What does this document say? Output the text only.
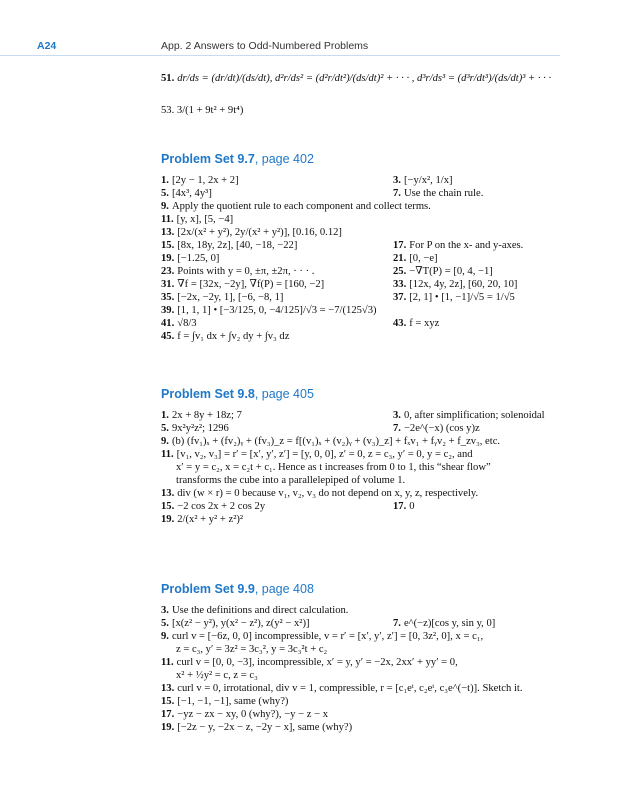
A24	App. 2 Answers to Odd-Numbered Problems
51. dr/ds = (dr/dt)/(ds/dt), d²r/ds² = (d²r/dt²)/(ds/dt)² + · · · , d³r/ds³ = (d³r/dt³)/(ds/dt)³ + · · ·
53. 3/(1 + 9t² + 9t⁴)
Problem Set 9.7, page 402
1. [2y − 1, 2x + 2]	3. [−y/x², 1/x]
5. [4x³, 4y³]	7. Use the chain rule.
9. Apply the quotient rule to each component and collect terms.
11. [y, x], [5, −4]
13. [2x/(x² + y²), 2y/(x² + y²)], [0.16, 0.12]
15. [8x, 18y, 2z], [40, −18, −22]	17. For P on the x- and y-axes.
19. [−1.25, 0]	21. [0, −e]
23. Points with y = 0, ±π, ±2π, · · · .	25. −∇T(P) = [0, 4, −1]
31. ∇f = [32x, −2y], ∇f(P) = [160, −2]	33. [12x, 4y, 2z], [60, 20, 10]
35. [−2x, −2y, 1], [−6, −8, 1]	37. [2, 1] • [1, −1]/√5 = 1/√5
39. [1, 1, 1] • [−3/125, 0, −4/125]/√3 = −7/(125√3)
41. √8/3	43. f = xyz
45. f = ∫v₁ dx + ∫v₂ dy + ∫v₃ dz
Problem Set 9.8, page 405
1. 2x + 8y + 18z; 7	3. 0, after simplification; solenoidal
5. 9x²y²z²; 1296	7. −2e^(−x) (cos y)z
9. (b) (fv₁)ₓ + (fv₂)ᵧ + (fv₃)_z = f[(v₁)ₓ + (v₂)ᵧ + (v₃)_z] + fₓv₁ + fᵧv₂ + f_zv₃, etc.
11. [v₁, v₂, v₃] = r′ = [x′, y′, z′] = [y, 0, 0], z′ = 0, z = c₃, y′ = 0, y = c₂, and
x′ = y = c₂, x = c₂t + c₁. Hence as t increases from 0 to 1, this “shear flow”
transforms the cube into a parallelepiped of volume 1.
13. div (w × r) = 0 because v₁, v₂, v₃ do not depend on x, y, z, respectively.
15. −2 cos 2x + 2 cos 2y	17. 0
19. 2/(x² + y² + z²)²
Problem Set 9.9, page 408
3. Use the definitions and direct calculation.
5. [x(z² − y²), y(x² − z²), z(y² − x²)]	7. e^(−z)[cos y, sin y, 0]
9. curl v = [−6z, 0, 0] incompressible, v = r′ = [x′, y′, z′] = [0, 3z², 0], x = c₁,
z = c₃, y′ = 3z² = 3c₃², y = 3c₃²t + c₂
11. curl v = [0, 0, −3], incompressible, x′ = y, y′ = −2x, 2xx′ + yy′ = 0,
x² + ½y² = c, z = c₃
13. curl v = 0, irrotational, div v = 1, compressible, r = [c₁eᵗ, c₂eᵗ, c₃e^(−t)]. Sketch it.
15. [−1, −1, −1], same (why?)
17. −yz − zx − xy, 0 (why?), −y − z − x
19. [−2z − y, −2x − z, −2y − x], same (why?)
